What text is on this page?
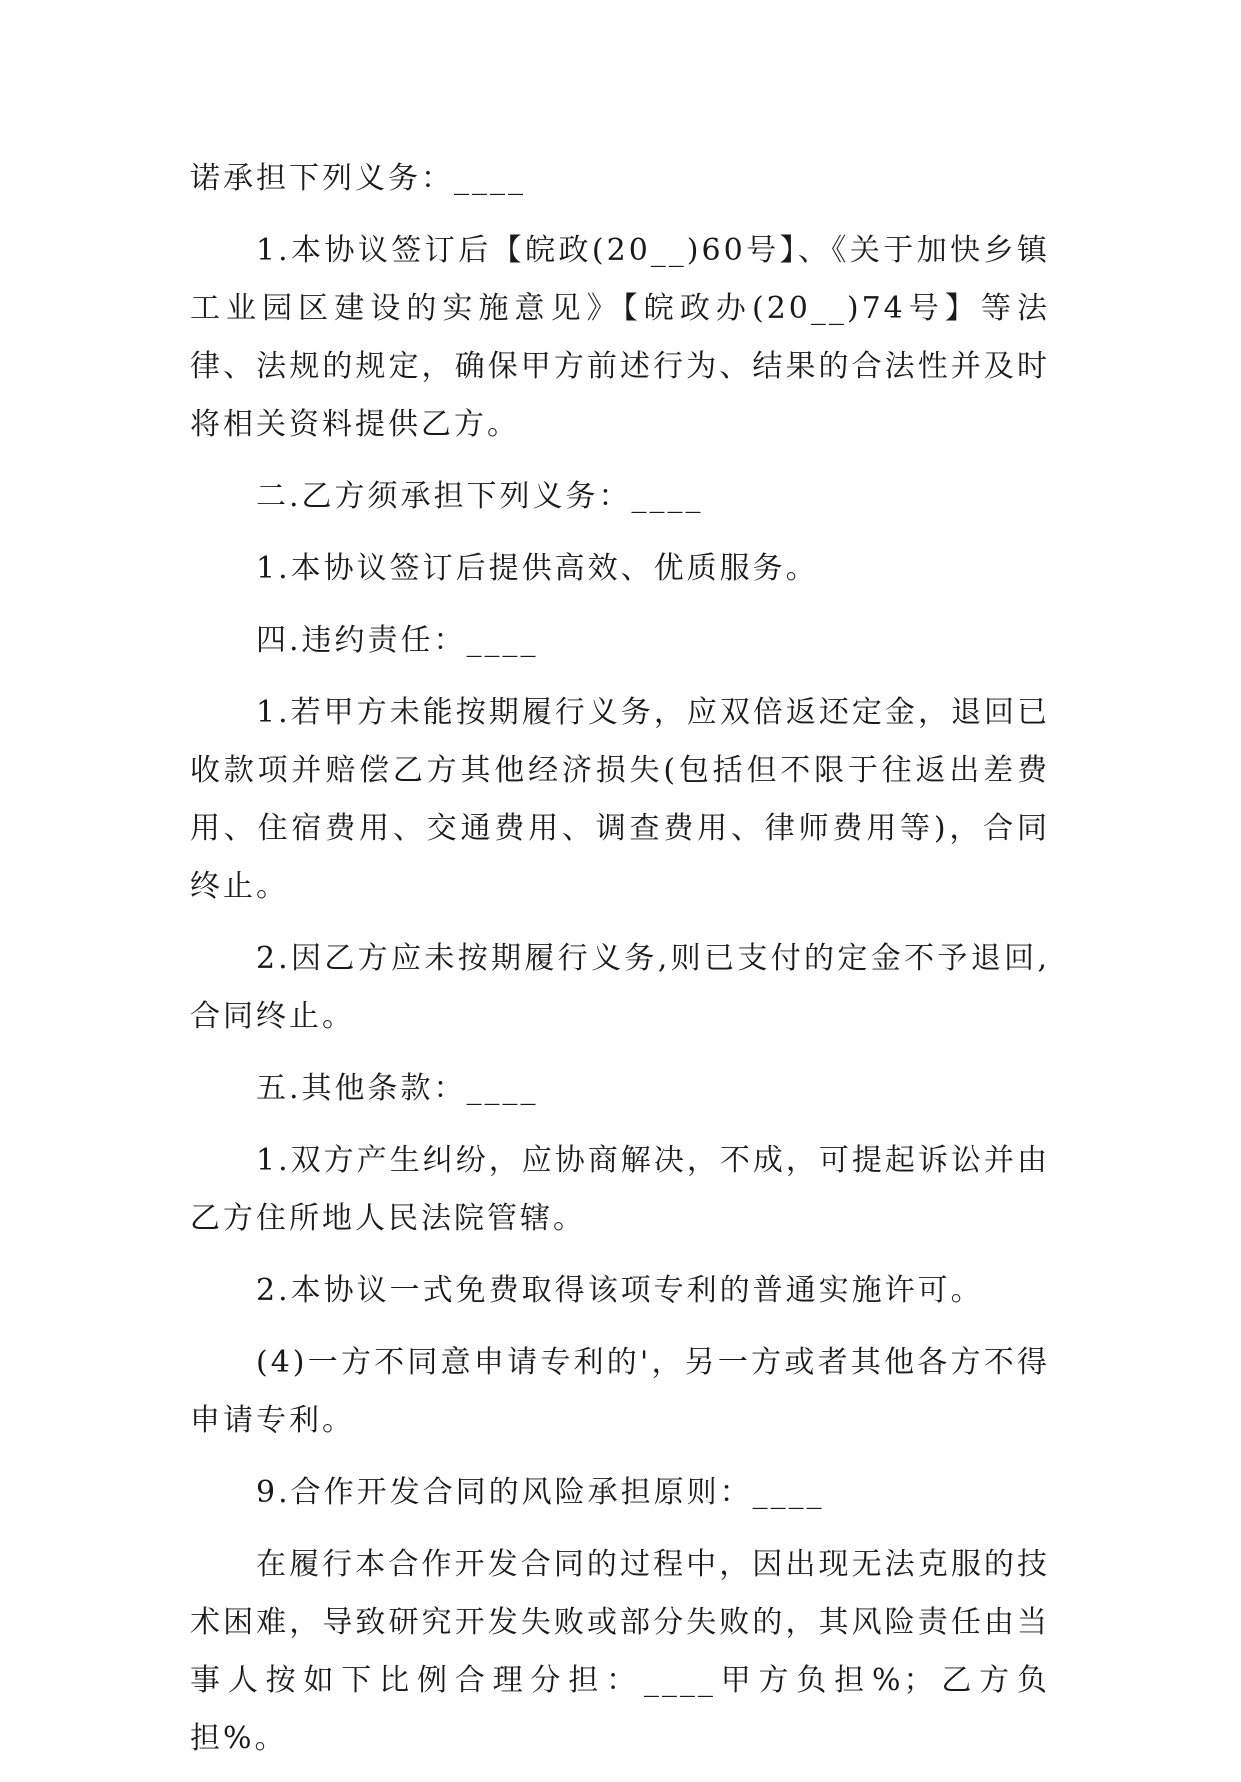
诺承担下列义务：____

1.本协议签订后【皖政(20__)60号】、《关于加快乡镇工业园区建设的实施意见》【皖政办(20__)74号】等法律、法规的规定，确保甲方前述行为、结果的合法性并及时将相关资料提供乙方。

二.乙方须承担下列义务：____

1.本协议签订后提供高效、优质服务。

四.违约责任：____

1.若甲方未能按期履行义务，应双倍返还定金，退回已收款项并赔偿乙方其他经济损失(包括但不限于往返出差费用、住宿费用、交通费用、调查费用、律师费用等)，合同终止。

2.因乙方应未按期履行义务,则已支付的定金不予退回,合同终止。

五.其他条款：____

1.双方产生纠纷，应协商解决，不成，可提起诉讼并由乙方住所地人民法院管辖。

2.本协议一式免费取得该项专利的普通实施许可。

(4)一方不同意申请专利的'，另一方或者其他各方不得申请专利。

9.合作开发合同的风险承担原则：____

在履行本合作开发合同的过程中，因出现无法克服的技术困难，导致研究开发失败或部分失败的，其风险责任由当事人按如下比例合理分担：____甲方负担%；乙方负担%。
